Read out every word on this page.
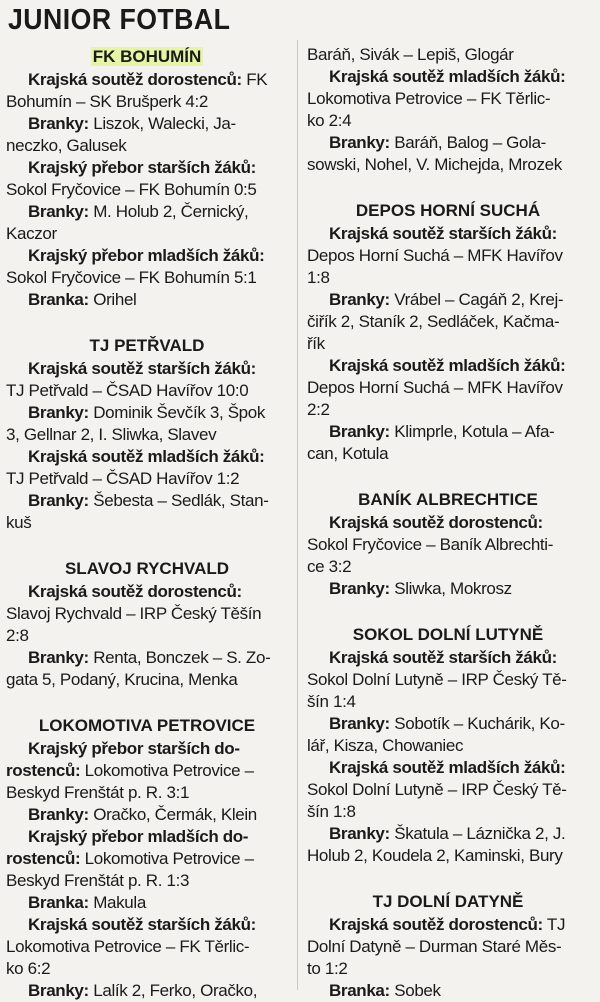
JUNIOR FOTBAL
FK BOHUMÍN

Krajská soutěž dorostenců: FK

Bohumín – SK Brušperk 4:2

Branky: Liszok, Walecki, Ja-

neczko, Galusek

Krajský přebor starších žáků:

Sokol Fryčovice – FK Bohumín 0:5

Branky: M. Holub 2, Černický,

Kaczor

Krajský přebor mladších žáků:

Sokol Fryčovice – FK Bohumín 5:1

Branka: Orihel

TJ PETŘVALD

Krajská soutěž starších žáků:

TJ Petřvald – ČSAD Havířov 10:0

Branky: Dominik Ševčík 3, Špok

3, Gellnar 2, I. Sliwka, Slavev

Krajská soutěž mladších žáků:

TJ Petřvald – ČSAD Havířov 1:2

Branky: Šebesta – Sedlák, Stan-

kuš

SLAVOJ RYCHVALD

Krajská soutěž dorostenců:

Slavoj Rychvald – IRP Český Těšín

2:8

Branky: Renta, Bonczek – S. Zo-

gata 5, Podaný, Krucina, Menka

LOKOMOTIVA PETROVICE

Krajský přebor starších do-

rostenců: Lokomotiva Petrovice –

Beskyd Frenštát p. R. 3:1

Branky: Oračko, Čermák, Klein

Krajský přebor mladších do-

rostenců: Lokomotiva Petrovice –

Beskyd Frenštát p. R. 1:3

Branka: Makula

Krajská soutěž starších žáků:

Lokomotiva Petrovice – FK Těrlic-

ko 6:2

Branky: Lalík 2, Ferko, Oračko,

Baráň, Sivák – Lepiš, Glogár

Krajská soutěž mladších žáků:

Lokomotiva Petrovice – FK Těrlic-

ko 2:4

Branky: Baráň, Balog – Gola-

sowski, Nohel, V. Michejda, Mrozek

DEPOS HORNÍ SUCHÁ

Krajská soutěž starších žáků:

Depos Horní Suchá – MFK Havířov

1:8

Branky: Vrábel – Cagáň 2, Krej-

čiřík 2, Staník 2, Sedláček, Kačma-

řík

Krajská soutěž mladších žáků:

Depos Horní Suchá – MFK Havířov

2:2

Branky: Klimprle, Kotula – Afa-

can, Kotula

BANÍK ALBRECHTICE

Krajská soutěž dorostenců:

Sokol Fryčovice – Baník Albrechti-

ce 3:2

Branky: Sliwka, Mokrosz

SOKOL DOLNÍ LUTYNĚ

Krajská soutěž starších žáků:

Sokol Dolní Lutyně – IRP Český Tě-

šín 1:4

Branky: Sobotík – Kuchárik, Ko-

lář, Kisza, Chowaniec

Krajská soutěž mladších žáků:

Sokol Dolní Lutyně – IRP Český Tě-

šín 1:8

Branky: Škatula – Láznička 2, J.

Holub 2, Koudela 2, Kaminski, Bury

TJ DOLNÍ DATYNĚ

Krajská soutěž dorostenců: TJ

Dolní Datyně – Durman Staré Měs-

to 1:2

Branka: Sobek
